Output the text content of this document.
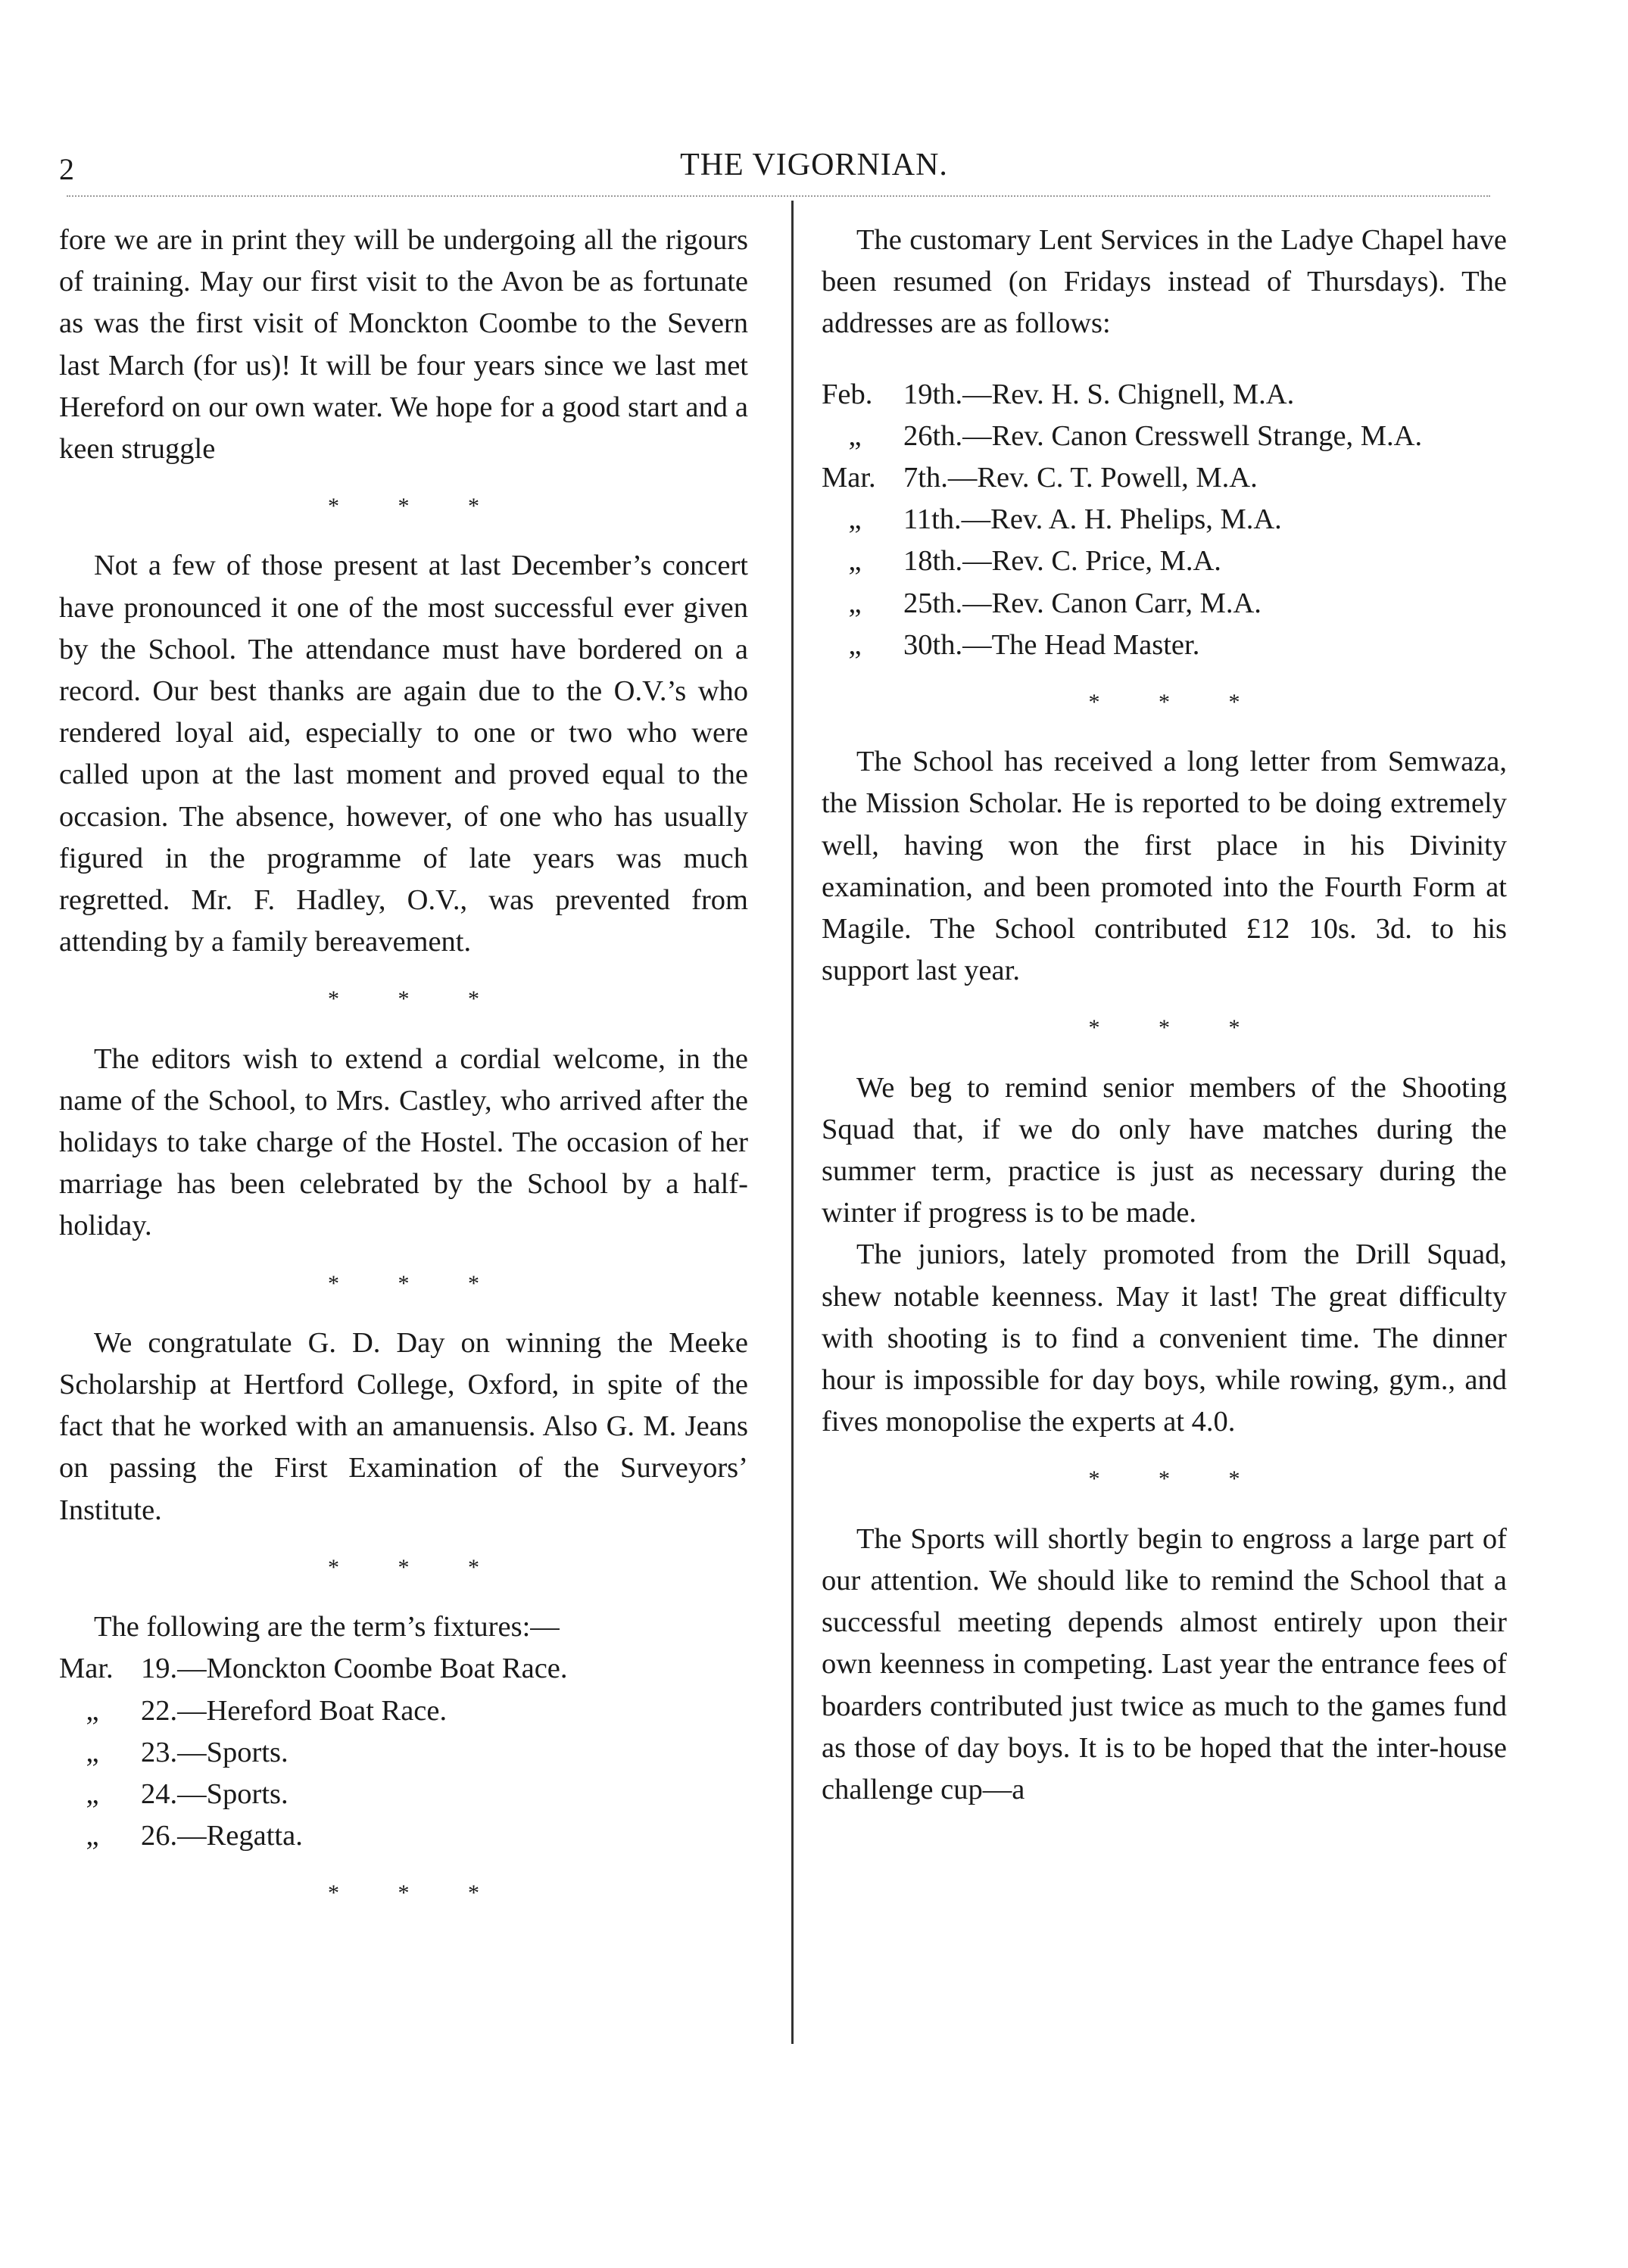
2	THE VIGORNIAN.

fore we are in print they will be undergoing all the rigours of training. May our first visit to the Avon be as fortunate as was the first visit of Monckton Coombe to the Severn last March (for us)! It will be four years since we last met Hereford on our own water. We hope for a good start and a keen struggle

* * *

Not a few of those present at last December’s concert have pronounced it one of the most successful ever given by the School. The attendance must have bordered on a record. Our best thanks are again due to the O.V.’s who rendered loyal aid, especially to one or two who were called upon at the last moment and proved equal to the occasion. The absence, however, of one who has usually figured in the programme of late years was much regretted. Mr. F. Hadley, O.V., was prevented from attending by a family bereavement.

* * *

The editors wish to extend a cordial welcome, in the name of the School, to Mrs. Castley, who arrived after the holidays to take charge of the Hostel. The occasion of her marriage has been celebrated by the School by a half-holiday.

* * *

We congratulate G. D. Day on winning the Meeke Scholarship at Hertford College, Oxford, in spite of the fact that he worked with an amanuensis. Also G. M. Jeans on passing the First Examination of the Surveyors’ Institute.

* * *

The following are the term’s fixtures:—

Mar. 19.—Monckton Coombe Boat Race.
„	22.—Hereford Boat Race.
„	23.—Sports.
„	24.—Sports.
„	26.—Regatta.
* * *

The customary Lent Services in the Ladye Chapel have been resumed (on Fridays instead of Thursdays). The addresses are as follows:

Feb.	19th.—Rev. H. S. Chignell, M.A.
„	26th.—Rev. Canon Cresswell Strange, M.A.
Mar. 7th.—Rev. C. T. Powell, M.A.
„	11th.—Rev. A. H. Phelips, M.A.
„	18th.—Rev. C. Price, M.A.
„	25th.—Rev. Canon Carr, M.A.
„	30th.—The Head Master.
* * *

The School has received a long letter from Semwaza, the Mission Scholar. He is reported to be doing extremely well, having won the first place in his Divinity examination, and been promoted into the Fourth Form at Magile. The School contributed £12 10s. 3d. to his support last year.

* * *

We beg to remind senior members of the Shooting Squad that, if we do only have matches during the summer term, practice is just as necessary during the winter if progress is to be made.

The juniors, lately promoted from the Drill Squad, shew notable keenness. May it last! The great difficulty with shooting is to find a convenient time. The dinner hour is impossible for day boys, while rowing, gym., and fives monopolise the experts at 4.0.

* * *

The Sports will shortly begin to engross a large part of our attention. We should like to remind the School that a successful meeting depends almost entirely upon their own keenness in competing. Last year the entrance fees of boarders contributed just twice as much to the games fund as those of day boys. It is to be hoped that the inter-house challenge cup—a
